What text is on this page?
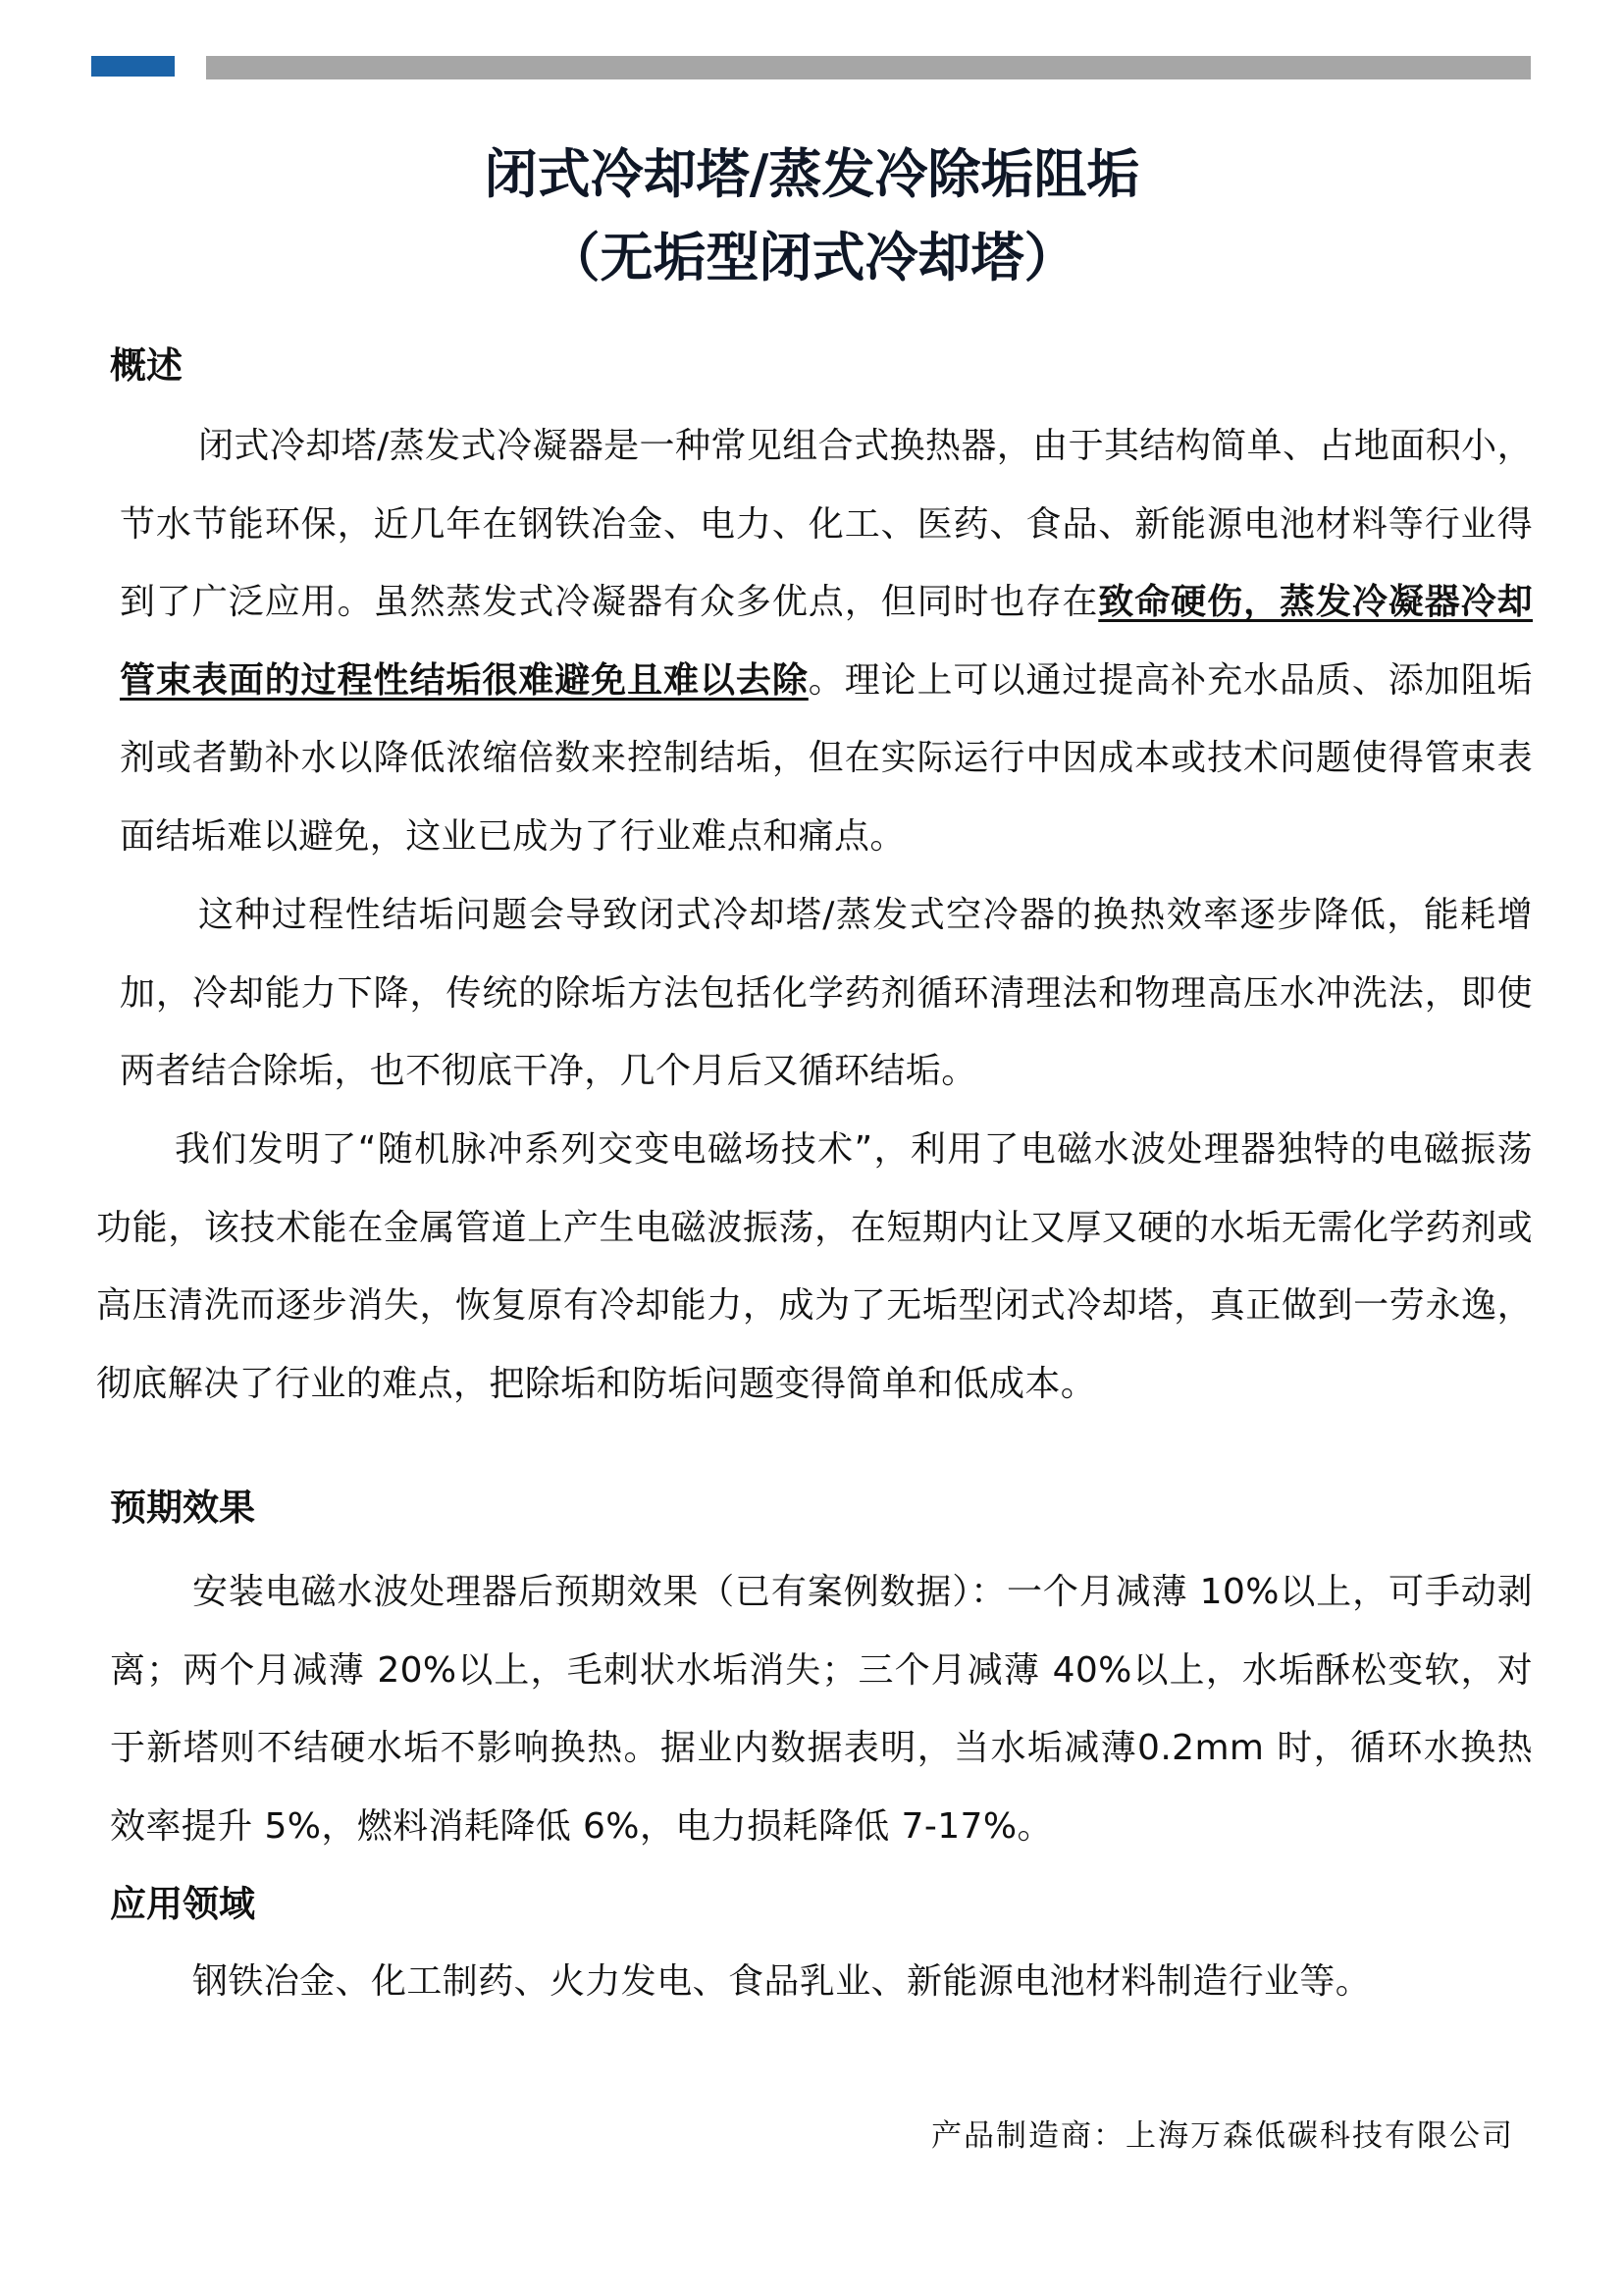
闭式冷却塔/蒸发冷除垢阻垢
（无垢型闭式冷却塔）
概述

闭式冷却塔/蒸发式冷凝器是一种常见组合式换热器，由于其结构简单、占地面积小，节水节能环保，近几年在钢铁冶金、电力、化工、医药、食品、新能源电池材料等行业得到了广泛应用。虽然蒸发式冷凝器有众多优点，但同时也存在致命硬伤，蒸发冷凝器冷却管束表面的过程性结垢很难避免且难以去除。理论上可以通过提高补充水品质、添加阻垢剂或者勤补水以降低浓缩倍数来控制结垢，但在实际运行中因成本或技术问题使得管束表面结垢难以避免，这业已成为了行业难点和痛点。

这种过程性结垢问题会导致闭式冷却塔/蒸发式空冷器的换热效率逐步降低，能耗增加，冷却能力下降，传统的除垢方法包括化学药剂循环清理法和物理高压水冲洗法，即使两者结合除垢，也不彻底干净，几个月后又循环结垢。

我们发明了“随机脉冲系列交变电磁场技术”，利用了电磁水波处理器独特的电磁振荡功能，该技术能在金属管道上产生电磁波振荡，在短期内让又厚又硬的水垢无需化学药剂或高压清洗而逐步消失，恢复原有冷却能力，成为了无垢型闭式冷却塔，真正做到一劳永逸，彻底解决了行业的难点，把除垢和防垢问题变得简单和低成本。

预期效果

安装电磁水波处理器后预期效果（已有案例数据）：一个月减薄 10%以上，可手动剥离；两个月减薄 20%以上，毛刺状水垢消失；三个月减薄 40%以上，水垢酥松变软，对于新塔则不结硬水垢不影响换热。据业内数据表明，当水垢减薄0.2mm 时，循环水换热效率提升 5%，燃料消耗降低 6%，电力损耗降低 7-17%。

应用领域

钢铁冶金、化工制药、火力发电、食品乳业、新能源电池材料制造行业等。

产品制造商：上海万森低碳科技有限公司
